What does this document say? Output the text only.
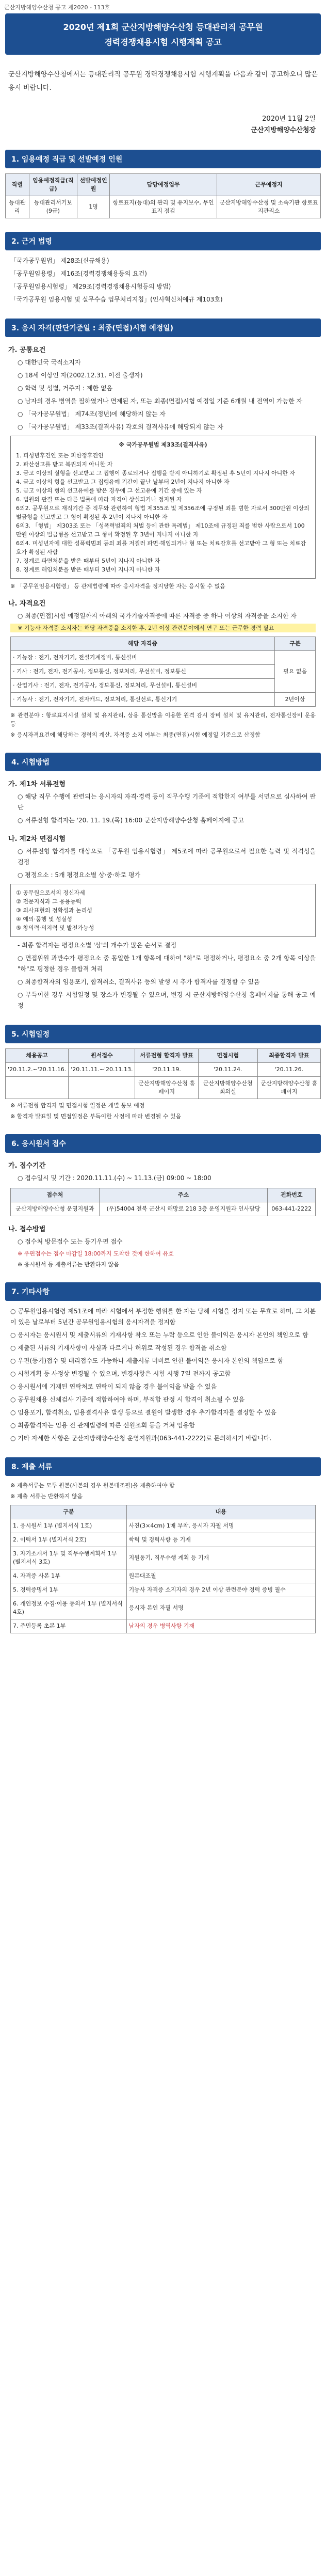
군산지방해양수산청 공고 제2020 - 113호
2020년 제1회 군산지방해양수산청 등대관리직 공무원
경력경쟁채용시험 시행계획 공고
군산지방해양수산청에서는 등대관리직 공무원 경력경쟁채용시험 시행계획을 다음과 같이 공고하오니 많은 응시 바랍니다.
2020년 11월 2일
군산지방해양수산청장
1. 임용예정 직급 및 선발예정 인원
직렬	임용예정직급(직급)	선발예정인원	담당예정업무	근무예정지
등대관리	등대관리서기보(9급)	1명	항로표지(등대)의 관리 및 유지보수, 무인표지 점검	군산지방해양수산청 및 소속기관 항로표지관리소
2. 근거 법령
「국가공무원법」 제28조(신규채용)
「공무원임용령」 제16조(경력경쟁채용등의 요건)
「공무원임용시험령」 제29조(경력경쟁채용시험등의 방법)
「국가공무원 임용시험 및 실무수습 업무처리지침」(인사혁신처예규 제103호)
3. 응시 자격(판단기준일 : 최종(면접)시험 예정일)
가. 공통요건
○ 대한민국 국적소지자
○ 18세 이상인 자(2002.12.31. 이전 출생자)
○ 학력 및 성별, 거주지 : 제한 없음
○ 남자의 경우 병역을 필하였거나 면제된 자, 또는 최종(면접)시험 예정일 기준 6개월 내 전역이 가능한 자
○ 「국가공무원법」 제74조(정년)에 해당하지 않는 자
○ 「국가공무원법」 제33조(결격사유) 각호의 결격사유에 해당되지 않는 자
※ 국가공무원법 제33조(결격사유)
1. 피성년후견인 또는 피한정후견인
2. 파산선고를 받고 복권되지 아니한 자
3. 금고 이상의 실형을 선고받고 그 집행이 종료되거나 집행을 받지 아니하기로 확정된 후 5년이 지나지 아니한 자
4. 금고 이상의 형을 선고받고 그 집행유예 기간이 끝난 날부터 2년이 지나지 아니한 자
5. 금고 이상의 형의 선고유예를 받은 경우에 그 선고유예 기간 중에 있는 자
6. 법원의 판결 또는 다른 법률에 따라 자격이 상실되거나 정지된 자
6의2. 공무원으로 재직기간 중 직무와 관련하여 형법 제355조 및 제356조에 규정된 죄를 범한 자로서 300만원 이상의 벌금형을 선고받고 그 형이 확정된 후 2년이 지나지 아니한 자
6의3. 「형법」 제303조 또는 「성폭력범죄의 처벌 등에 관한 특례법」 제10조에 규정된 죄를 범한 사람으로서 100만원 이상의 벌금형을 선고받고 그 형이 확정된 후 3년이 지나지 아니한 자
6의4. 미성년자에 대한 성폭력범죄 등의 죄를 저질러 파면·해임되거나 형 또는 치료감호를 선고받아 그 형 또는 치료감호가 확정된 사람
7. 징계로 파면처분을 받은 때부터 5년이 지나지 아니한 자
8. 징계로 해임처분을 받은 때부터 3년이 지나지 아니한 자
※ 「공무원임용시험령」 등 관계법령에 따라 응시자격을 정지당한 자는 응시할 수 없음
나. 자격요건
○ 최종(면접)시험 예정일까지 아래의 국가기술자격증에 따른 자격증 중 하나 이상의 자격증을 소지한 자
※ 기능사 자격증 소지자는 해당 자격증을 소지한 후, 2년 이상 관련분야에서 연구 또는 근무한 경력 필요
해당 자격증	구분
· 기능장 : 전기, 전자기기, 전설기계정비, 통신설비	필요 없음
· 기사 : 전기, 전자, 전기공사, 정보통신, 정보처리, 무선설비, 정보통신	
· 산업기사 : 전기, 전자, 전기공사, 정보통신, 정보처리, 무선설비, 통신설비	
· 기능사 : 전기, 전자기기, 전자캐드, 정보처리, 통신선로, 통신기기	2년이상
※ 관련분야 : 항로표지시설 설치 및 유지관리, 상용 통신망을 이용한 원격 감시 장비 설치 및 유지관리, 전자통신장비 운용 등
※ 응시자격요건에 해당하는 경력의 계산, 자격증 소지 여부는 최종(면접)시험 예정일 기준으로 산정함
4. 시험방법
가. 제1차 서류전형
○ 해당 직무 수행에 관련되는 응시자의 자격·경력 등이 직무수행 기준에 적합한지 여부를 서면으로 심사하여 판단
○ 서류전형 합격자는 '20. 11. 19.(목) 16:00 군산지방해양수산청 홈페이지에 공고
나. 제2차 면접시험
○ 서류전형 합격자를 대상으로 「공무원 임용시험령」 제5조에 따라 공무원으로서 필요한 능력 및 적격성을 검정
○ 평정요소 : 5개 평정요소별 상·중·하로 평가
① 공무원으로서의 정신자세
② 전문지식과 그 응용능력
③ 의사표현의 정확성과 논리성
④ 예의·품행 및 성실성
⑤ 창의력·의지력 및 발전가능성
- 최종 합격자는 평정요소별 '상'의 개수가 많은 순서로 결정
○ 면접위원 과반수가 평정요소 중 동일한 1개 항목에 대하여 "하"로 평정하거나, 평정요소 중 2개 항목 이상을 "하"로 평정한 경우 불합격 처리
○ 최종합격자의 임용포기, 합격취소, 결격사유 등의 발생 시 추가 합격자를 결정할 수 있음
○ 부득이한 경우 시험일정 및 장소가 변경될 수 있으며, 변경 시 군산지방해양수산청 홈페이지를 통해 공고 예정
5. 시험일정
채용공고	원서접수	서류전형 합격자 발표	면접시험	최종합격자 발표
'20.11.2.~'20.11.16.	'20.11.11.~'20.11.13.	'20.11.19.	'20.11.24.	'20.11.26.
		군산지방해양수산청 홈페이지	군산지방해양수산청 회의실	군산지방해양수산청 홈페이지
※ 서류전형 합격자 및 면접시험 일정은 개별 통보 예정
※ 합격자 발표일 및 면접일정은 부득이한 사정에 따라 변경될 수 있음
6. 응시원서 접수
가. 접수기간
○ 접수일시 및 기간 : 2020.11.11.(수) ~ 11.13.(금) 09:00 ~ 18:00
접수처	주소	전화번호
군산지방해양수산청 운영지원과	(우)54004 전북 군산시 해망로 218 3층 운영지원과 인사담당	063-441-2222
나. 접수방법
○ 접수처 방문접수 또는 등기우편 접수
※ 우편접수는 접수 마감일 18:00까지 도착한 것에 한하여 유효
※ 응시원서 등 제출서류는 반환하지 않음
7. 기타사항
○ 공무원임용시험령 제51조에 따라 시험에서 부정한 행위를 한 자는 당해 시험을 정지 또는 무효로 하며, 그 처분이 있은 날로부터 5년간 공무원임용시험의 응시자격을 정지함
○ 응시자는 응시원서 및 제출서류의 기재사항 착오 또는 누락 등으로 인한 불이익은 응시자 본인의 책임으로 함
○ 제출된 서류의 기재사항이 사실과 다르거나 허위로 작성된 경우 합격을 취소함
○ 우편(등기)접수 및 대리접수도 가능하나 제출서류 미비로 인한 불이익은 응시자 본인의 책임으로 함
○ 시험계획 등 사정상 변경될 수 있으며, 변경사항은 시험 시행 7일 전까지 공고함
○ 응시원서에 기재된 연락처로 연락이 되지 않을 경우 불이익을 받을 수 있음
○ 공무원채용 신체검사 기준에 적합하여야 하며, 부적합 판정 시 합격이 취소될 수 있음
○ 임용포기, 합격취소, 임용결격사유 발생 등으로 결원이 발생한 경우 추가합격자를 결정할 수 있음
○ 최종합격자는 임용 전 관계법령에 따른 신원조회 등을 거쳐 임용함
○ 기타 자세한 사항은 군산지방해양수산청 운영지원과(063-441-2222)로 문의하시기 바랍니다.
8. 제출 서류
※ 제출서류는 모두 원본(사본의 경우 원본대조필)을 제출하여야 함
※ 제출 서류는 반환하지 않음
구분	내용
1. 응시원서 1부 (별지서식 1호)	사진(3×4cm) 1매 부착, 응시자 자필 서명
2. 이력서 1부 (별지서식 2호)	학력 및 경력사항 등 기재
3. 자기소개서 1부 및 직무수행계획서 1부 (별지서식 3호)	지원동기, 직무수행 계획 등 기재
4. 자격증 사본 1부	원본대조필
5. 경력증명서 1부	기능사 자격증 소지자의 경우 2년 이상 관련분야 경력 증빙 필수
6. 개인정보 수집·이용 동의서 1부 (별지서식 4호)	응시자 본인 자필 서명
7. 주민등록 초본 1부	남자의 경우 병역사항 기재
